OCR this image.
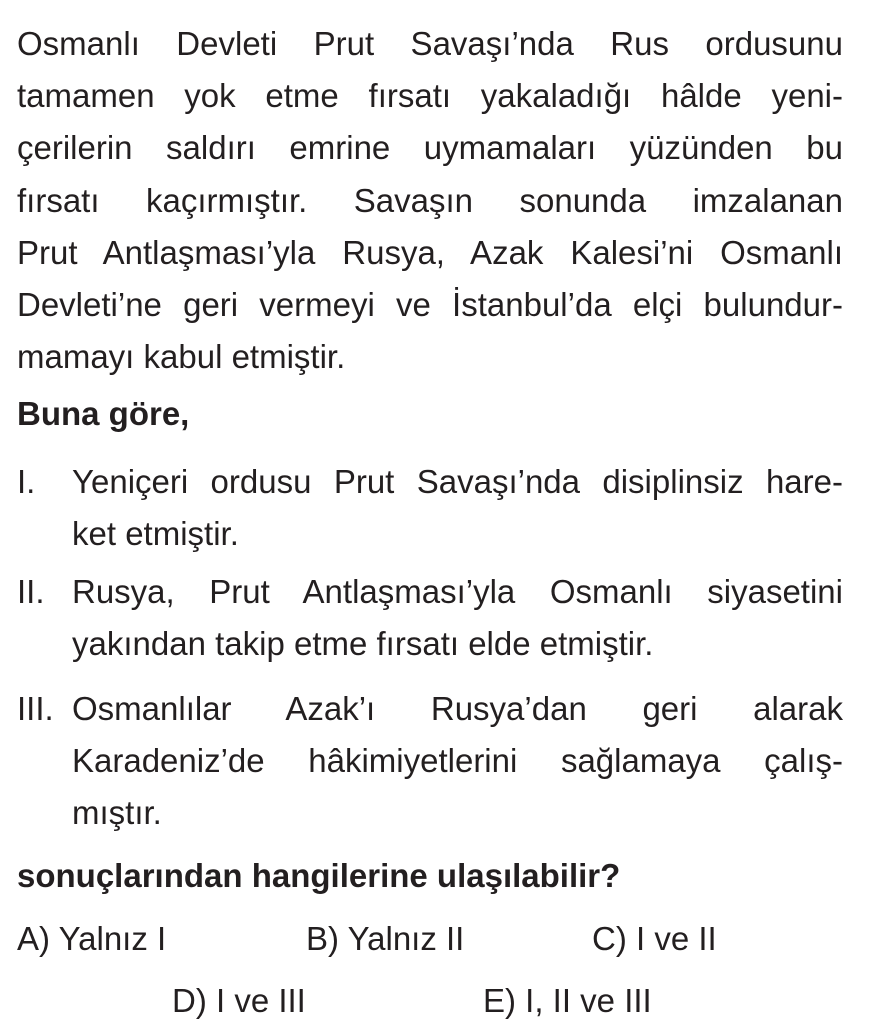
Osmanlı Devleti Prut Savaşı’nda Rus ordusunu
tamamen yok etme fırsatı yakaladığı hâlde yeni-
çerilerin saldırı emrine uymamaları yüzünden bu
fırsatı kaçırmıştır. Savaşın sonunda imzalanan
Prut Antlaşması’yla Rusya, Azak Kalesi’ni Osmanlı
Devleti’ne geri vermeyi ve İstanbul’da elçi bulundur-
mamayı kabul etmiştir.
Buna göre,
I. Yeniçeri ordusu Prut Savaşı’nda disiplinsiz hare-
ket etmiştir.
II. Rusya, Prut Antlaşması’yla Osmanlı siyasetini
yakından takip etme fırsatı elde etmiştir.
III. Osmanlılar Azak’ı Rusya’dan geri alarak
Karadeniz’de hâkimiyetlerini sağlamaya çalış-
mıştır.
sonuçlarından hangilerine ulaşılabilir?
A) Yalnız I	B) Yalnız II	C) I ve II
D) I ve III	E) I, II ve III
